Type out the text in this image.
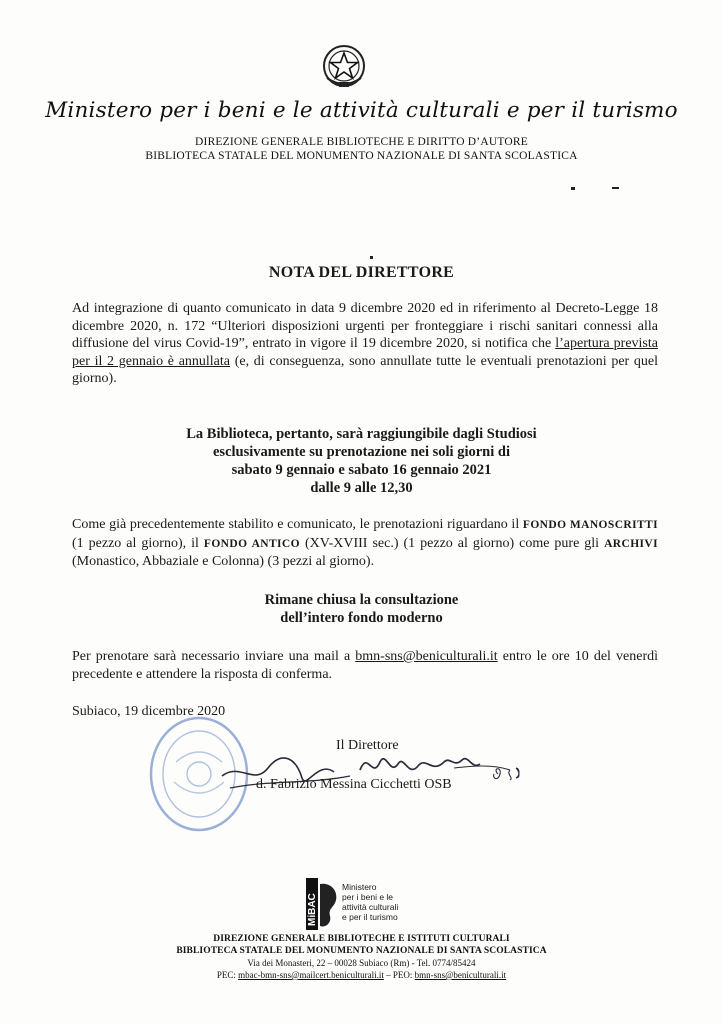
Ministero per i beni e le attività culturali e per il turismo
DIREZIONE GENERALE BIBLIOTECHE E DIRITTO D’AUTORE
BIBLIOTECA STATALE DEL MONUMENTO NAZIONALE DI SANTA SCOLASTICA
NOTA DEL DIRETTORE
Ad integrazione di quanto comunicato in data 9 dicembre 2020 ed in riferimento al Decreto-Legge 18 dicembre 2020, n. 172 “Ulteriori disposizioni urgenti per fronteggiare i rischi sanitari connessi alla diffusione del virus Covid-19”, entrato in vigore il 19 dicembre 2020, si notifica che l’apertura prevista per il 2 gennaio è annullata (e, di conseguenza, sono annullate tutte le eventuali prenotazioni per quel giorno).
La Biblioteca, pertanto, sarà raggiungibile dagli Studiosi
esclusivamente su prenotazione nei soli giorni di
sabato 9 gennaio e sabato 16 gennaio 2021
dalle 9 alle 12,30
Come già precedentemente stabilito e comunicato, le prenotazioni riguardano il FONDO MANOSCRITTI (1 pezzo al giorno), il FONDO ANTICO (XV-XVIII sec.) (1 pezzo al giorno) come pure gli ARCHIVI (Monastico, Abbaziale e Colonna) (3 pezzi al giorno).
Rimane chiusa la consultazione
dell’intero fondo moderno
Per prenotare sarà necessario inviare una mail a bmn-sns@beniculturali.it entro le ore 10 del venerdì precedente e attendere la risposta di conferma.
Subiaco, 19 dicembre 2020
Il Direttore
d. Fabrizio Messina Cicchetti OSB
MiBAC
Ministero
per i beni e le
attività culturali
e per il turismo
DIREZIONE GENERALE BIBLIOTECHE E ISTITUTI CULTURALI
BIBLIOTECA STATALE DEL MONUMENTO NAZIONALE DI SANTA SCOLASTICA
Via dei Monasteri, 22 – 00028 Subiaco (Rm) - Tel. 0774/85424
PEC: mbac-bmn-sns@mailcert.beniculturali.it – PEO: bmn-sns@beniculturali.it
